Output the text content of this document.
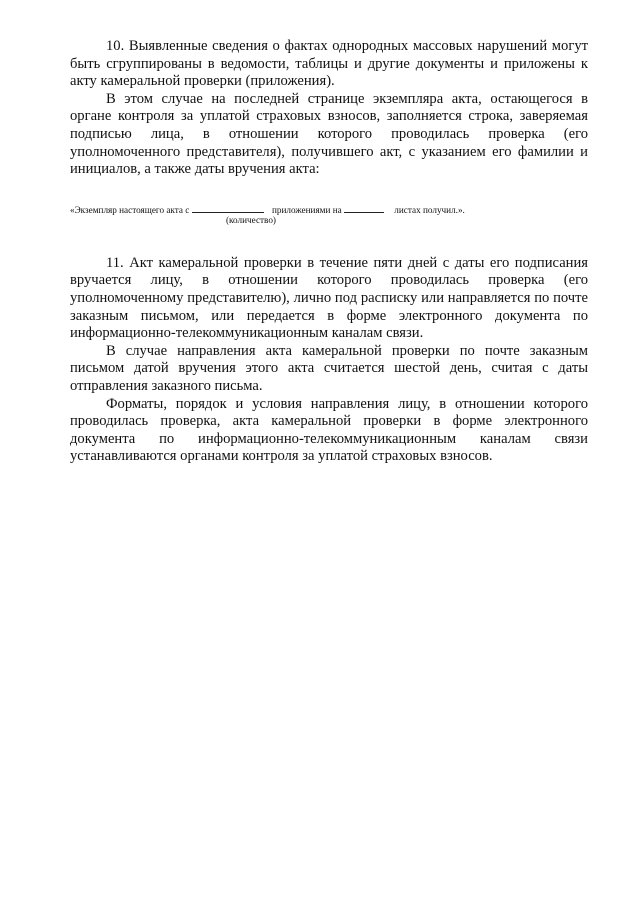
10. Выявленные сведения о фактах однородных массовых нарушений могут быть сгруппированы в ведомости, таблицы и другие документы и приложены к акту камеральной проверки (приложения).

В этом случае на последней странице экземпляра акта, остающегося в органе контроля за уплатой страховых взносов, заполняется строка, заверяемая подписью лица, в отношении которого проводилась проверка (его уполномоченного представителя), получившего акт, с указанием его фамилии и инициалов, а также даты вручения акта:

«Экземпляр настоящего акта с	приложениями на	листах получил.».
(количество)

11. Акт камеральной проверки в течение пяти дней с даты его подписания вручается лицу, в отношении которого проводилась проверка (его уполномоченному представителю), лично под расписку или направляется по почте заказным письмом, или передается в форме электронного документа по информационно-телекоммуникационным каналам связи.

В случае направления акта камеральной проверки по почте заказным письмом датой вручения этого акта считается шестой день, считая с даты отправления заказного письма.

Форматы, порядок и условия направления лицу, в отношении которого проводилась проверка, акта камеральной проверки в форме электронного документа по информационно-телекоммуникационным каналам связи устанавливаются органами контроля за уплатой страховых взносов.
